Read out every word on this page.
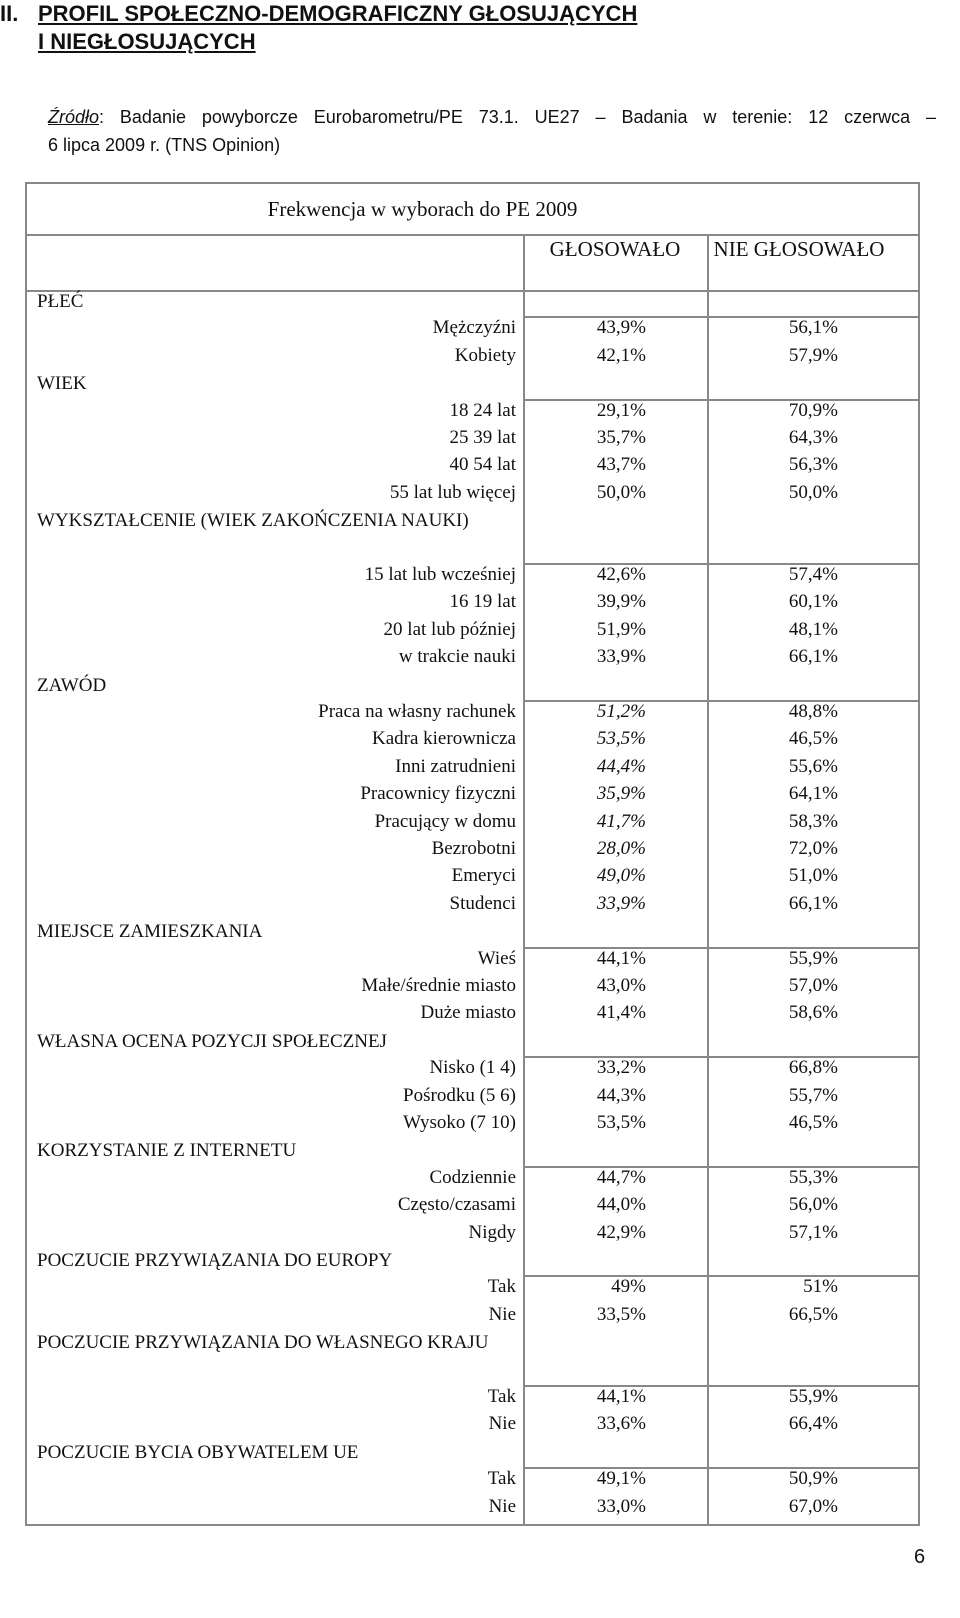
II. PROFIL SPOŁECZNO-DEMOGRAFICZNY GŁOSUJĄCYCH
I NIEGŁOSUJĄCYCH
Źródło: Badanie powyborcze Eurobarometru/PE 73.1. UE27 – Badania w terenie: 12 czerwca –
6 lipca 2009 r. (TNS Opinion)
Frekwencja w wyborach do PE 2009
GŁOSOWAŁO	NIE GŁOSOWAŁO
PŁEĆ
Mężczyźni	43,9%	56,1%
Kobiety	42,1%	57,9%
WIEK
18 24 lat	29,1%	70,9%
25 39 lat	35,7%	64,3%
40 54 lat	43,7%	56,3%
55 lat lub więcej	50,0%	50,0%
WYKSZTAŁCENIE (WIEK ZAKOŃCZENIA NAUKI)
15 lat lub wcześniej	42,6%	57,4%
16 19 lat	39,9%	60,1%
20 lat lub później	51,9%	48,1%
w trakcie nauki	33,9%	66,1%
ZAWÓD
Praca na własny rachunek	51,2%	48,8%
Kadra kierownicza	53,5%	46,5%
Inni zatrudnieni	44,4%	55,6%
Pracownicy fizyczni	35,9%	64,1%
Pracujący w domu	41,7%	58,3%
Bezrobotni	28,0%	72,0%
Emeryci	49,0%	51,0%
Studenci	33,9%	66,1%
MIEJSCE ZAMIESZKANIA
Wieś	44,1%	55,9%
Małe/średnie miasto	43,0%	57,0%
Duże miasto	41,4%	58,6%
WŁASNA OCENA POZYCJI SPOŁECZNEJ
Nisko (1 4)	33,2%	66,8%
Pośrodku (5 6)	44,3%	55,7%
Wysoko (7 10)	53,5%	46,5%
KORZYSTANIE Z INTERNETU
Codziennie	44,7%	55,3%
Często/czasami	44,0%	56,0%
Nigdy	42,9%	57,1%
POCZUCIE PRZYWIĄZANIA DO EUROPY
Tak	49%	51%
Nie	33,5%	66,5%
POCZUCIE PRZYWIĄZANIA DO WŁASNEGO KRAJU
Tak	44,1%	55,9%
Nie	33,6%	66,4%
POCZUCIE BYCIA OBYWATELEM UE
Tak	49,1%	50,9%
Nie	33,0%	67,0%
6
